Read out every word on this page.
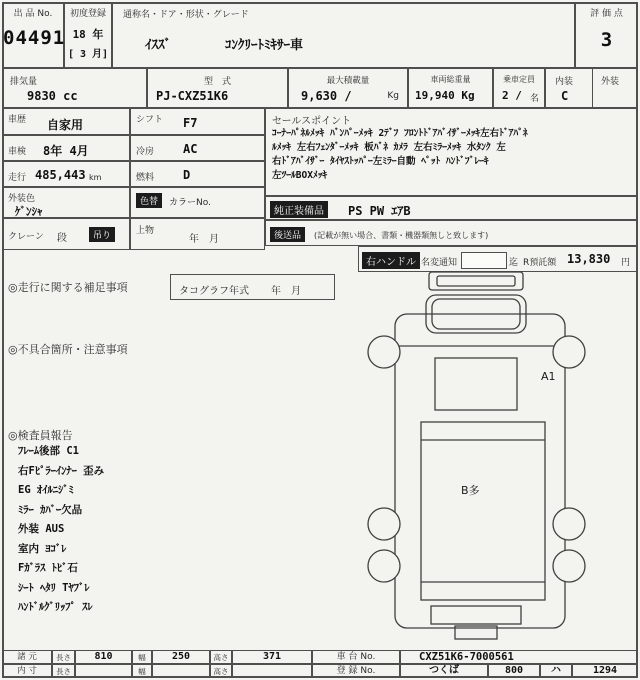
出 品 No.
04491
初度登録
18 年
[ 3 月]
通称名・ドア・形状・グレード
ｲｽｽﾞ	ｺﾝｸﾘｰﾄﾐｷｻｰ車
評 価 点
3
排気量
9830 cc
型　式
PJ-CXZ51K6
最大積載量
9,630 /	Kg
車両総重量
19,940 Kg
乗車定員
2 / 名
内装	外装
C
車歴 自家用	シフト F7
車検 8年 4月	冷房 AC
走行 485,443 km	燃料 D
外装色
ｹﾞﾝｼｬ
色替	カラーNo.
クレーン 段	吊り	上物
年　月
セールスポイント
ｺｰﾅｰﾊﾟﾈﾙﾒｯｷ ﾊﾞﾝﾊﾟｰﾒｯｷ 2ﾃﾞﾌ ﾌﾛﾝﾄﾄﾞｱﾊﾞｲｻﾞｰﾒｯｷ左右ﾄﾞｱﾊﾟﾈ
ﾙﾒｯｷ 左右ﾌｪﾝﾀﾞｰﾒｯｷ 板ﾊﾞﾈ ｶﾒﾗ 左右ﾐﾗｰﾒｯｷ 水ﾀﾝｸ 左
右ﾄﾞｱﾊﾞｲｻﾞｰ ﾀｲﾔｽﾄｯﾊﾟｰ左ﾐﾗｰ自動 ﾍﾟｯﾄ ﾊﾝﾄﾞﾌﾞﾚｰｷ
左ﾂｰﾙBOXﾒｯｷ
純正装備品	PS PW ｴｱB
後送品	(記載が無い場合、書類・機器類無しと致します)
右ハンドル 名変通知	迄 R預託額 13,830 円
◎走行に関する補足事項	タコグラフ年式 年　月
◎不具合箇所・注意事項
◎検査員報告
ﾌﾚｰﾑ後部 C1
右Fﾋﾟﾗｰｲﾝﾅｰ 歪み
EG ｵｲﾙﾆｼﾞﾐ
ﾐﾗｰ ｶﾊﾞｰ欠品
外装 AUS
室内 ﾖｺﾞﾚ
Fｶﾞﾗｽ ﾄﾋﾞ石
ｼｰﾄ ﾍﾀﾘ Tﾔﾌﾞﾚ
ﾊﾝﾄﾞﾙｸﾞﾘｯﾌﾟ ｽﾚ
A1
B多
諸 元	長さ	810	幅	250	高さ	371	車 台 No.	CXZ51K6-7000561
内 寸	長さ	幅	高さ	登 録 No.	つくば	800	ハ	1294
